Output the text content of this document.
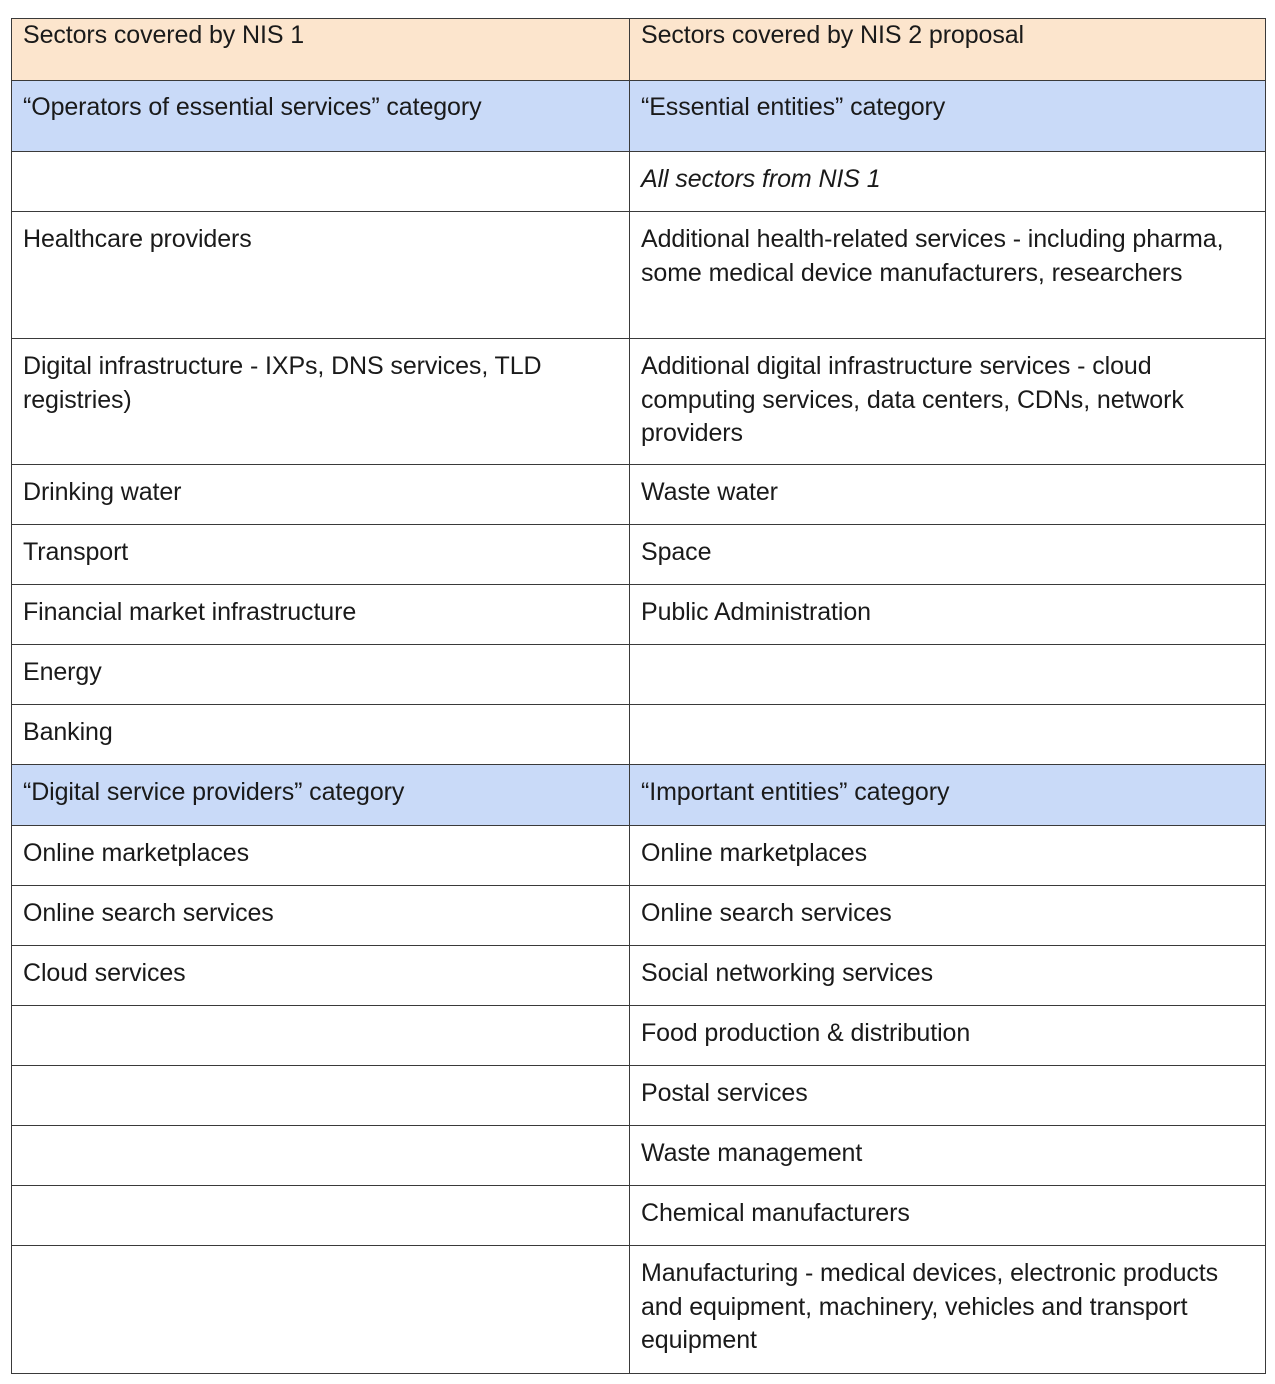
Sectors covered by NIS 1	Sectors covered by NIS 2 proposal
“Operators of essential services” category	“Essential entities” category
	All sectors from NIS 1
Healthcare providers	Additional health-related services - including pharma, some medical device manufacturers, researchers
Digital infrastructure - IXPs, DNS services, TLD registries)	Additional digital infrastructure services - cloud computing services, data centers, CDNs, network providers
Drinking water	Waste water
Transport	Space
Financial market infrastructure	Public Administration
Energy	
Banking	
“Digital service providers” category	“Important entities” category
Online marketplaces	Online marketplaces
Online search services	Online search services
Cloud services	Social networking services
	Food production & distribution
	Postal services
	Waste management
	Chemical manufacturers
	Manufacturing - medical devices, electronic products and equipment, machinery, vehicles and transport equipment
